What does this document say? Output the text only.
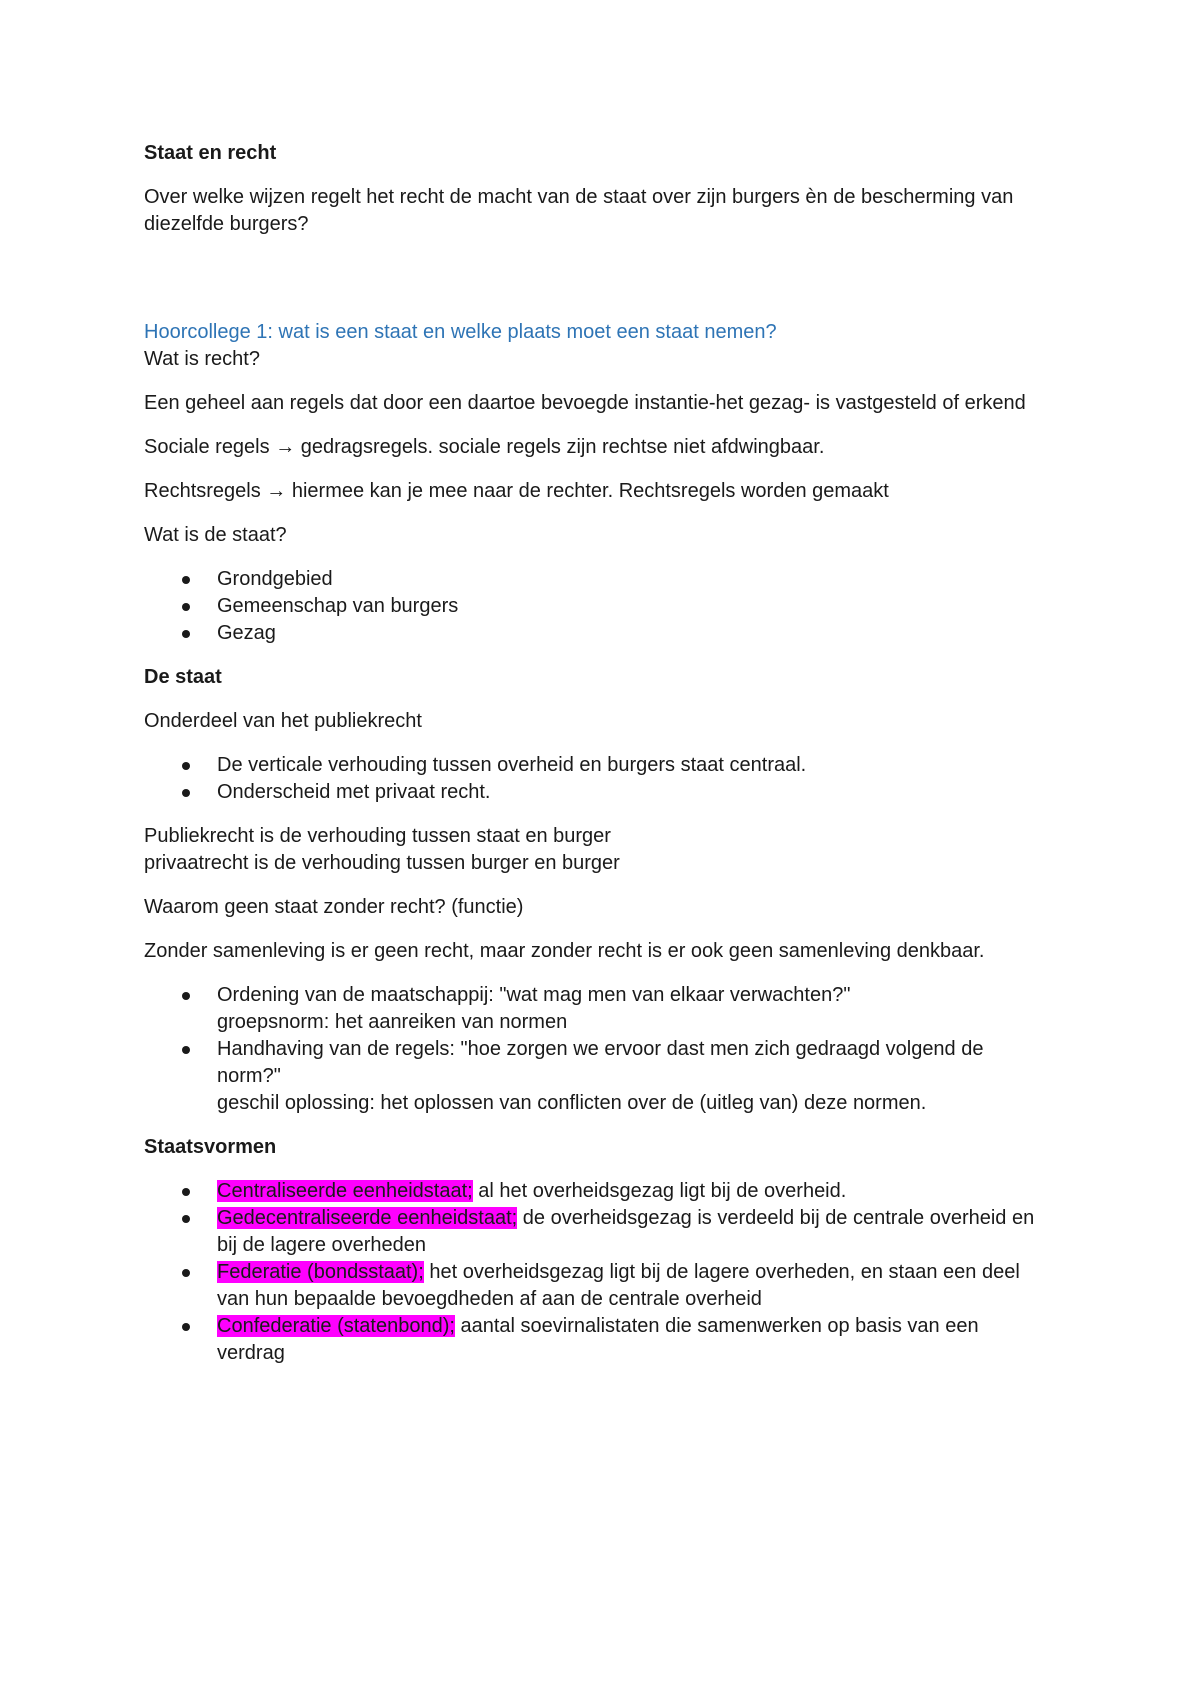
Staat en recht

Over welke wijzen regelt het recht de macht van de staat over zijn burgers èn de bescherming van diezelfde burgers?

Hoorcollege 1: wat is een staat en welke plaats moet een staat nemen?

Wat is recht?

Een geheel aan regels dat door een daartoe bevoegde instantie-het gezag- is vastgesteld of erkend

Sociale regels → gedragsregels. sociale regels zijn rechtse niet afdwingbaar.

Rechtsregels → hiermee kan je mee naar de rechter. Rechtsregels worden gemaakt

Wat is de staat?

Grondgebied
Gemeenschap van burgers
Gezag

De staat

Onderdeel van het publiekrecht

De verticale verhouding tussen overheid en burgers staat centraal.
Onderscheid met privaat recht.

Publiekrecht is de verhouding tussen staat en burger
privaatrecht is de verhouding tussen burger en burger

Waarom geen staat zonder recht? (functie)

Zonder samenleving is er geen recht, maar zonder recht is er ook geen samenleving denkbaar.

Ordening van de maatschappij: "wat mag men van elkaar verwachten?"
groepsnorm: het aanreiken van normen
Handhaving van de regels: "hoe zorgen we ervoor dast men zich gedraagd volgend de norm?"
geschil oplossing: het oplossen van conflicten over de (uitleg van) deze normen.

Staatsvormen

Centraliseerde eenheidstaat; al het overheidsgezag ligt bij de overheid.
Gedecentraliseerde eenheidstaat; de overheidsgezag is verdeeld bij de centrale overheid en bij de lagere overheden
Federatie (bondsstaat); het overheidsgezag ligt bij de lagere overheden, en staan een deel van hun bepaalde bevoegdheden af aan de centrale overheid
Confederatie (statenbond); aantal soevirnalistaten die samenwerken op basis van een verdrag
